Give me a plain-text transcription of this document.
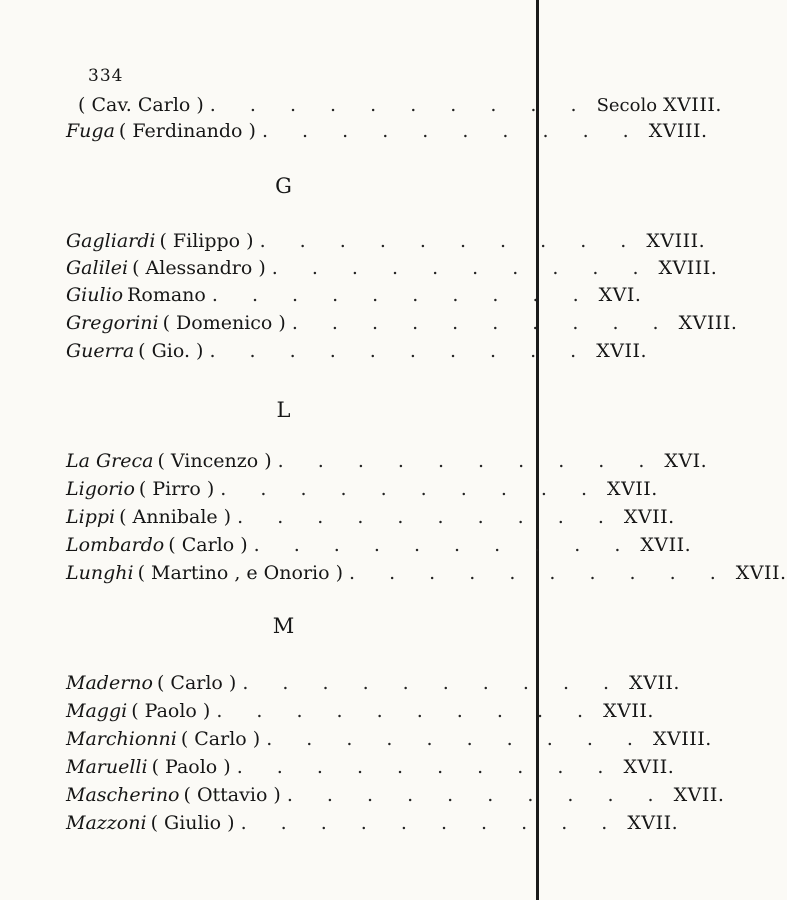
334
( Cav. Carlo ) . . . . . . . . . . Secolo XVIII.
Fuga ( Ferdinando ) . . . . . . . . . . XVIII.
G
Gagliardi ( Filippo ) . . . . . . . . . . XVIII.
Galilei ( Alessandro ) . . . . . . . . . . XVIII.
Giulio Romano . . . . . . . . . . XVI.
Gregorini ( Domenico ) . . . . . . . . . . XVIII.
Guerra ( Gio. ) . . . . . . . . . . XVII.
L
La Greca ( Vincenzo ) . . . . . . . . . . XVI.
Ligorio ( Pirro ) . . . . . . . . . . XVII.
Lippi ( Annibale ) . . . . . . . . . . XVII.
Lombardo ( Carlo ) . . . . . . . . . . XVII.
Lunghi ( Martino , e Onorio ) . . . . . . . . . . XVII.
M
Maderno ( Carlo ) . . . . . . . . . . XVII.
Maggi ( Paolo ) . . . . . . . . . . XVII.
Marchionni ( Carlo ) . . . . . . . . . . XVIII.
Maruelli ( Paolo ) . . . . . . . . . . XVII.
Mascherino ( Ottavio ) . . . . . . . . . . XVII.
Mazzoni ( Giulio ) . . . . . . . . . . XVII.
